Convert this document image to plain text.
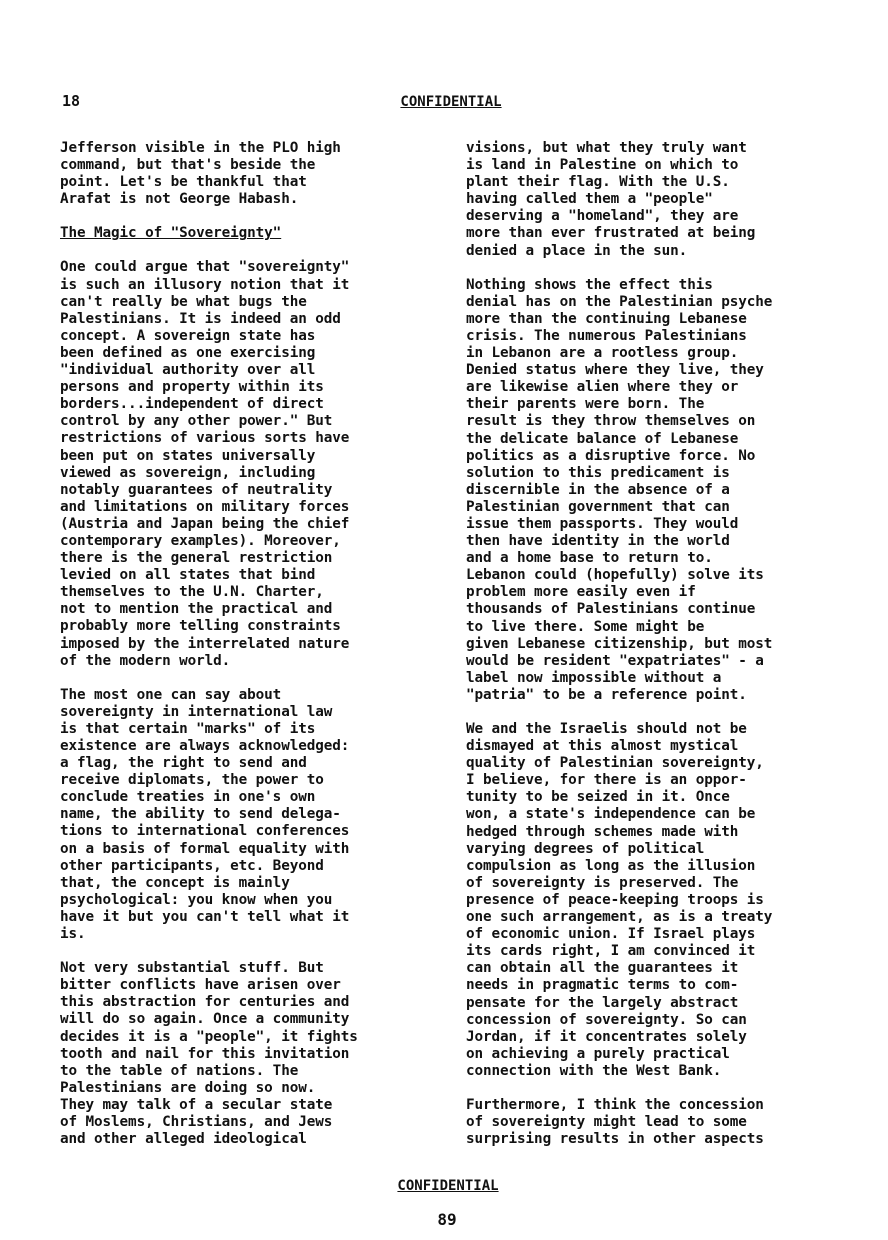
18	CONFIDENTIAL

Jefferson visible in the PLO high
command, but that's beside the
point. Let's be thankful that
Arafat is not George Habash.

The Magic of "Sovereignty"

One could argue that "sovereignty"
is such an illusory notion that it
can't really be what bugs the
Palestinians. It is indeed an odd
concept. A sovereign state has
been defined as one exercising
"individual authority over all
persons and property within its
borders...independent of direct
control by any other power." But
restrictions of various sorts have
been put on states universally
viewed as sovereign, including
notably guarantees of neutrality
and limitations on military forces
(Austria and Japan being the chief
contemporary examples). Moreover,
there is the general restriction
levied on all states that bind
themselves to the U.N. Charter,
not to mention the practical and
probably more telling constraints
imposed by the interrelated nature
of the modern world.

The most one can say about
sovereignty in international law
is that certain "marks" of its
existence are always acknowledged:
a flag, the right to send and
receive diplomats, the power to
conclude treaties in one's own
name, the ability to send delega-
tions to international conferences
on a basis of formal equality with
other participants, etc. Beyond
that, the concept is mainly
psychological: you know when you
have it but you can't tell what it
is.

Not very substantial stuff. But
bitter conflicts have arisen over
this abstraction for centuries and
will do so again. Once a community
decides it is a "people", it fights
tooth and nail for this invitation
to the table of nations. The
Palestinians are doing so now.
They may talk of a secular state
of Moslems, Christians, and Jews
and other alleged ideological

visions, but what they truly want
is land in Palestine on which to
plant their flag. With the U.S.
having called them a "people"
deserving a "homeland", they are
more than ever frustrated at being
denied a place in the sun.

Nothing shows the effect this
denial has on the Palestinian psyche
more than the continuing Lebanese
crisis. The numerous Palestinians
in Lebanon are a rootless group.
Denied status where they live, they
are likewise alien where they or
their parents were born. The
result is they throw themselves on
the delicate balance of Lebanese
politics as a disruptive force. No
solution to this predicament is
discernible in the absence of a
Palestinian government that can
issue them passports. They would
then have identity in the world
and a home base to return to.
Lebanon could (hopefully) solve its
problem more easily even if
thousands of Palestinians continue
to live there. Some might be
given Lebanese citizenship, but most
would be resident "expatriates" - a
label now impossible without a
"patria" to be a reference point.

We and the Israelis should not be
dismayed at this almost mystical
quality of Palestinian sovereignty,
I believe, for there is an oppor-
tunity to be seized in it. Once
won, a state's independence can be
hedged through schemes made with
varying degrees of political
compulsion as long as the illusion
of sovereignty is preserved. The
presence of peace-keeping troops is
one such arrangement, as is a treaty
of economic union. If Israel plays
its cards right, I am convinced it
can obtain all the guarantees it
needs in pragmatic terms to com-
pensate for the largely abstract
concession of sovereignty. So can
Jordan, if it concentrates solely
on achieving a purely practical
connection with the West Bank.

Furthermore, I think the concession
of sovereignty might lead to some
surprising results in other aspects

CONFIDENTIAL
89
